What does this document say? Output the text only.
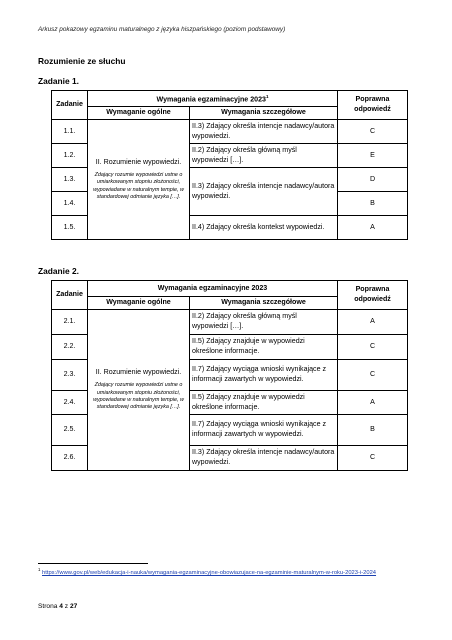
Arkusz pokazowy egzaminu maturalnego z języka hiszpańskiego (poziom podstawowy)
Rozumienie ze słuchu
Zadanie 1.
Zadanie	Wymagania egzaminacyjne 2023$^1$		Poprawna odpowiedź
	Wymaganie ogólne	Wymagania szczegółowe	
1.1.	II. Rozumienie wypowiedzi.
Zdający rozumie wypowiedzi ustne o umiarkowanym stopniu złożoności, wypowiadane w naturalnym tempie, w standardowej odmianie języka […].	II.3) Zdający określa intencje nadawcy/autora wypowiedzi.	C
1.2.		II.2) Zdający określa główną myśl wypowiedzi […].	E
1.3.		II.3) Zdający określa intencje nadawcy/autora wypowiedzi.	D
1.4.			B
1.5.		II.4) Zdający określa kontekst wypowiedzi.	A
Zadanie 2.
Zadanie	Wymagania egzaminacyjne 2023		Poprawna odpowiedź
	Wymaganie ogólne	Wymagania szczegółowe	
2.1.	II. Rozumienie wypowiedzi.
Zdający rozumie wypowiedzi ustne o umiarkowanym stopniu złożoności, wypowiadane w naturalnym tempie, w standardowej odmianie języka […].	II.2) Zdający określa główną myśl wypowiedzi […].	A
2.2.		II.5) Zdający znajduje w wypowiedzi określone informacje.	C
2.3.		II.7) Zdający wyciąga wnioski wynikające z informacji zawartych w wypowiedzi.	C
2.4.		II.5) Zdający znajduje w wypowiedzi określone informacje.	A
2.5.		II.7) Zdający wyciąga wnioski wynikające z informacji zawartych w wypowiedzi.	B
2.6.		II.3) Zdający określa intencje nadawcy/autora wypowiedzi.	C
$^1$ https://www.gov.pl/web/edukacja-i-nauka/wymagania-egzaminacyjne-obowiazujace-na-egzaminie-maturalnym-w-roku-2023-i-2024
Strona 4 z 27
